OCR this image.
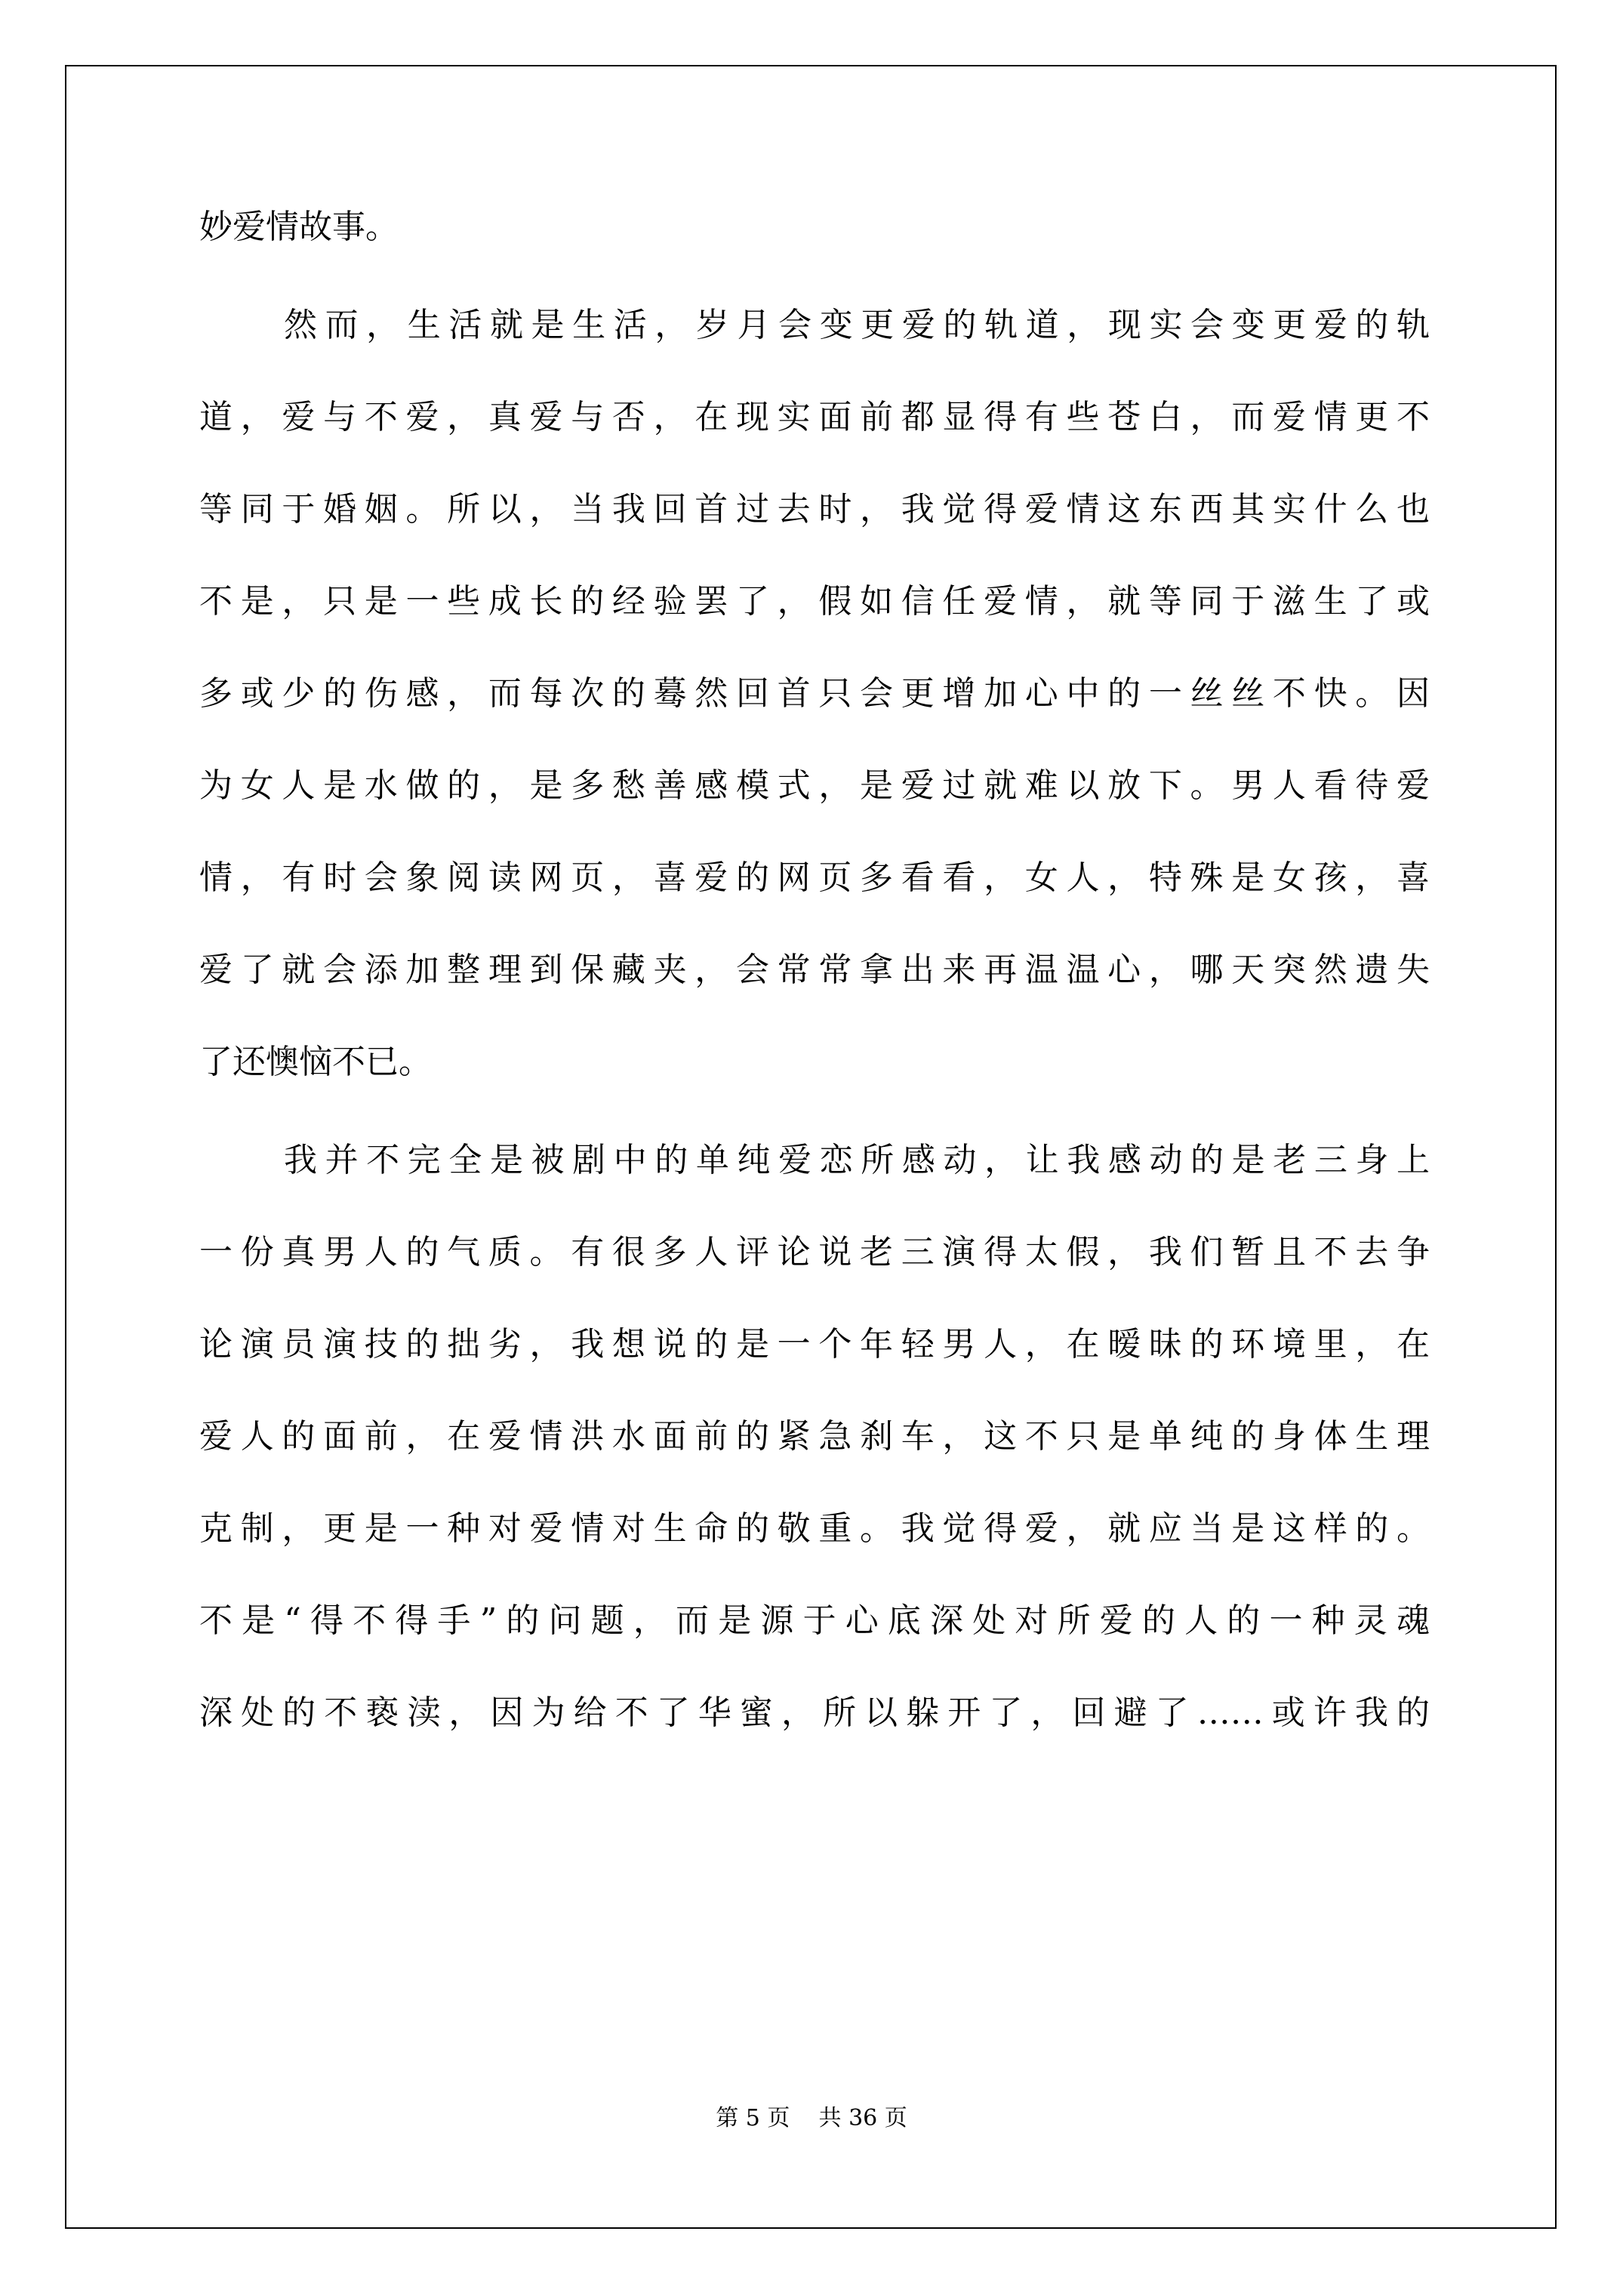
妙爱情故事。
然而，生活就是生活，岁月会变更爱的轨道，现实会变更爱的轨
道，爱与不爱，真爱与否，在现实面前都显得有些苍白，而爱情更不
等同于婚姻。所以，当我回首过去时，我觉得爱情这东西其实什么也
不是，只是一些成长的经验罢了，假如信任爱情，就等同于滋生了或
多或少的伤感，而每次的蓦然回首只会更增加心中的一丝丝不快。因
为女人是水做的，是多愁善感模式，是爱过就难以放下。男人看待爱
情，有时会象阅读网页，喜爱的网页多看看，女人，特殊是女孩，喜
爱了就会添加整理到保藏夹，会常常拿出来再温温心，哪天突然遗失
了还懊恼不已。
我并不完全是被剧中的单纯爱恋所感动，让我感动的是老三身上
一份真男人的气质。有很多人评论说老三演得太假，我们暂且不去争
论演员演技的拙劣，我想说的是一个年轻男人，在暧昧的环境里，在
爱人的面前，在爱情洪水面前的紧急刹车，这不只是单纯的身体生理
克制，更是一种对爱情对生命的敬重。我觉得爱，就应当是这样的。
不是“得不得手”的问题，而是源于心底深处对所爱的人的一种灵魂
深处的不亵渎，因为给不了华蜜，所以躲开了，回避了……或许我的
第 5 页 共 36 页
